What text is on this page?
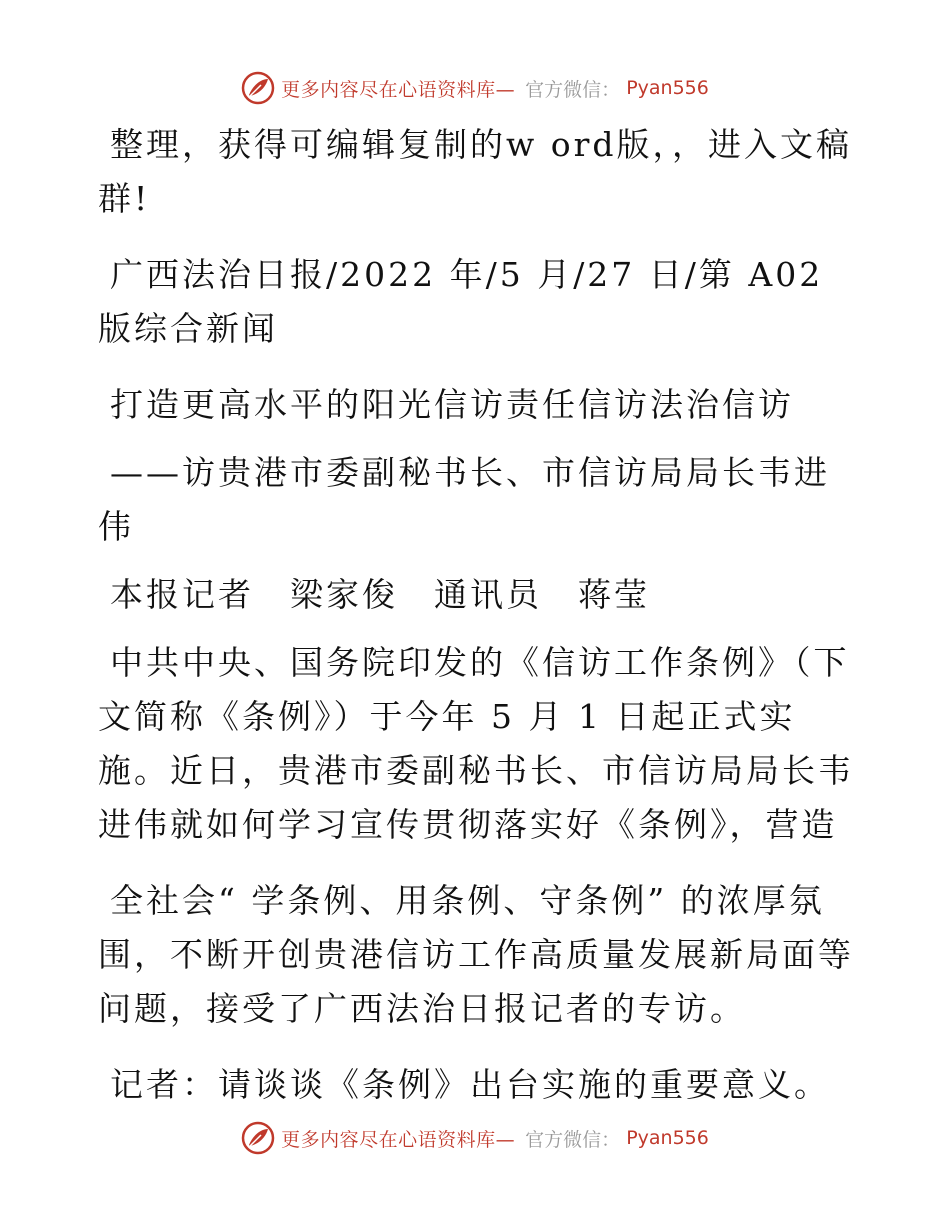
更多内容尽在心语资料库— 官方微信： Pyan556

整理，获得可编辑复制的w ord版，，进入文稿群!

广西法治日报/2022 年/5 月/27 日/第 A02 版综合新闻

打造更高水平的阳光信访责任信访法治信访

——访贵港市委副秘书长、市信访局局长韦进伟

本报记者　梁家俊　通讯员　蒋莹

中共中央、国务院印发的《信访工作条例》（下文简称《条例》）于今年 5 月 1 日起正式实施。近日，贵港市委副秘书长、市信访局局长韦进伟就如何学习宣传贯彻落实好《条例》，营造

全社会“ 学条例、用条例、守条例” 的浓厚氛围，不断开创贵港信访工作高质量发展新局面等问题，接受了广西法治日报记者的专访。

记者：请谈谈《条例》出台实施的重要意义。

更多内容尽在心语资料库— 官方微信： Pyan556
